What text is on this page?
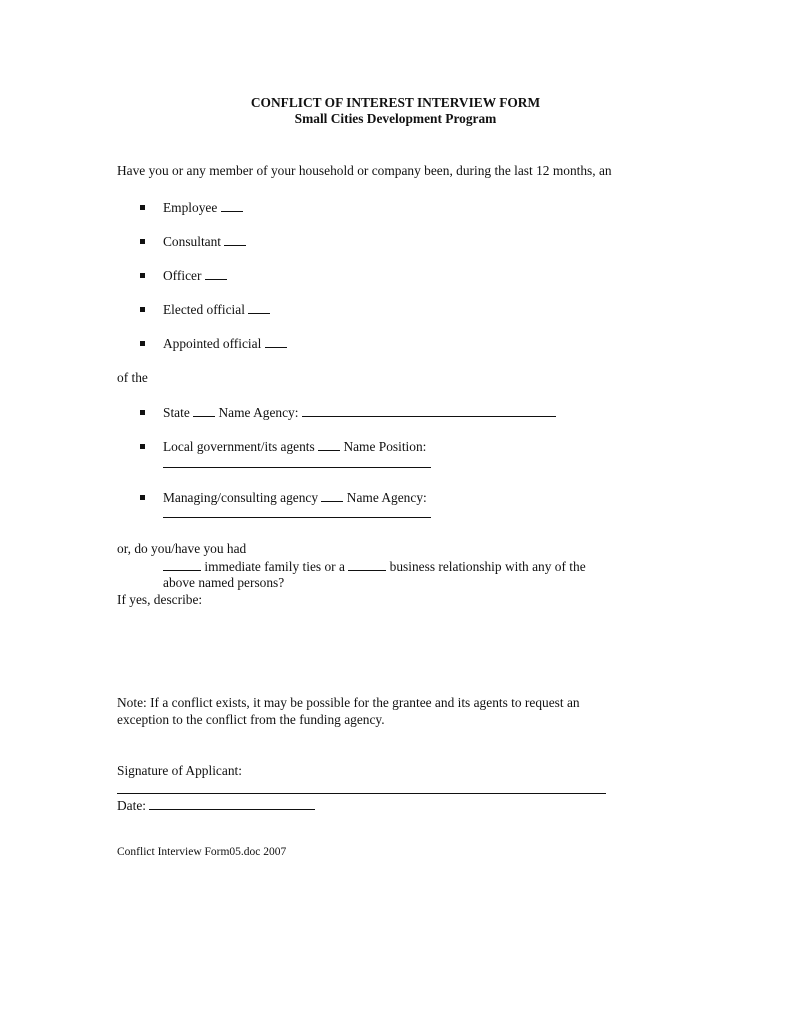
CONFLICT OF INTEREST INTERVIEW FORM
Small Cities Development Program
Have you or any member of your household or company been, during the last 12 months, an
Employee
Consultant
Officer
Elected official
Appointed official
of the
State Name Agency:
Local government/its agents Name Position:
Managing/consulting agency Name Agency:
or, do you/have you had
immediate family ties or a	business relationship with any of the
above named persons?
If yes, describe:
Note: If a conflict exists, it may be possible for the grantee and its agents to request an
exception to the conflict from the funding agency.
Signature of Applicant:
Date:
Conflict Interview Form05.doc 2007
